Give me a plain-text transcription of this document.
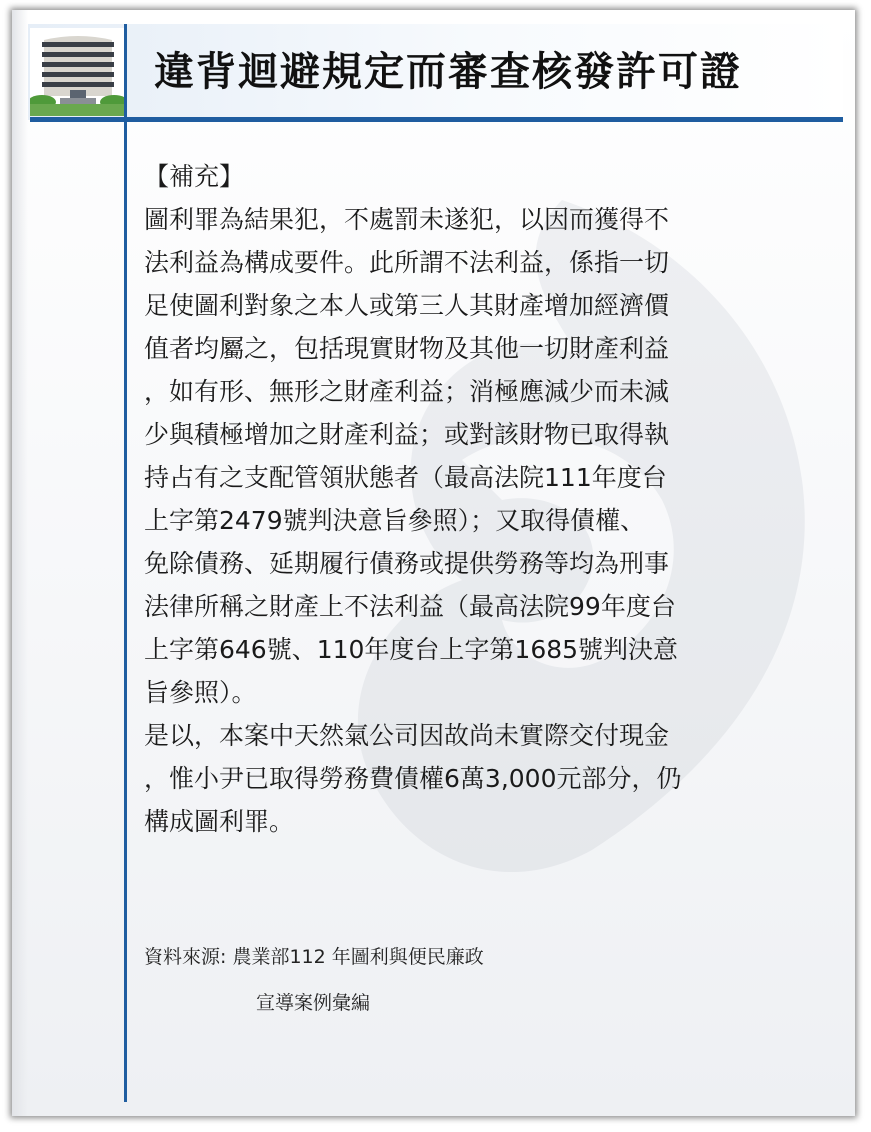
違背迴避規定而審查核發許可證

【補充】

圖利罪為結果犯，不處罰未遂犯，以因而獲得不

法利益為構成要件。此所謂不法利益，係指一切

足使圖利對象之本人或第三人其財產增加經濟價

值者均屬之，包括現實財物及其他一切財產利益

，如有形、無形之財產利益；消極應減少而未減

少與積極增加之財產利益；或對該財物已取得執

持占有之支配管領狀態者（最高法院111年度台

上字第2479號判決意旨參照）；又取得債權、

免除債務、延期履行債務或提供勞務等均為刑事

法律所稱之財產上不法利益（最高法院99年度台

上字第646號、110年度台上字第1685號判決意

旨參照）。

是以，本案中天然氣公司因故尚未實際交付現金

，惟小尹已取得勞務費債權6萬3,000元部分，仍

構成圖利罪。

資料來源: 農業部112 年圖利與便民廉政
宣導案例彙編
